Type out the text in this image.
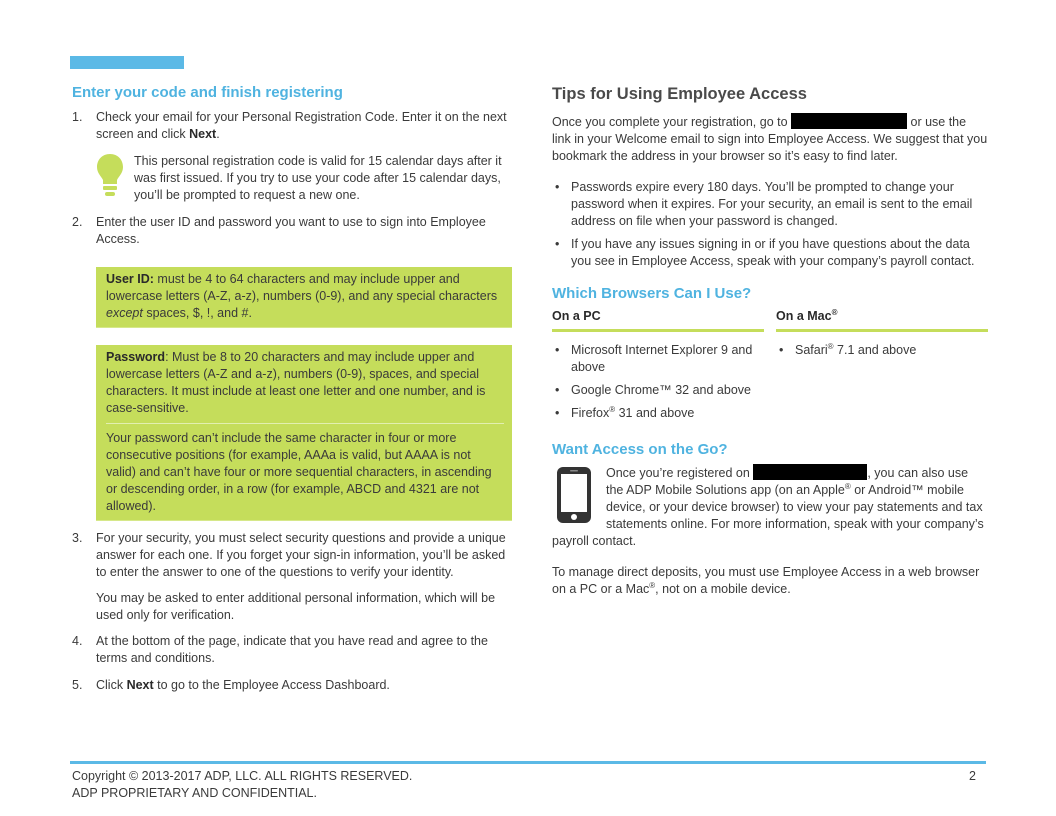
Enter your code and finish registering
1. Check your email for your Personal Registration Code. Enter it on the next screen and click Next.

This personal registration code is valid for 15 calendar days after it was first issued. If you try to use your code after 15 calendar days, you’ll be prompted to request a new one.

2. Enter the user ID and password you want to use to sign into Employee Access.

User ID: must be 4 to 64 characters and may include upper and lowercase letters (A-Z, a-z), numbers (0-9), and any special characters except spaces, $, !, and #.

Password: Must be 8 to 20 characters and may include upper and lowercase letters (A-Z and a-z), numbers (0-9), spaces, and special characters. It must include at least one letter and one number, and is case-sensitive.

Your password can’t include the same character in four or more consecutive positions (for example, AAAa is valid, but AAAA is not valid) and can’t have four or more sequential characters, in ascending or descending order, in a row (for example, ABCD and 4321 are not allowed).

3. For your security, you must select security questions and provide a unique answer for each one. If you forget your sign-in information, you’ll be asked to enter the answer to one of the questions to verify your identity.

You may be asked to enter additional personal information, which will be used only for verification.

4. At the bottom of the page, indicate that you have read and agree to the terms and conditions.

5. Click Next to go to the Employee Access Dashboard.

Tips for Using Employee Access

Once you complete your registration, go to	or use the link in your Welcome email to sign into Employee Access. We suggest that you bookmark the address in your browser so it’s easy to find later.

• Passwords expire every 180 days. You’ll be prompted to change your password when it expires. For your security, an email is sent to the email address on file when your password is changed.
• If you have any issues signing in or if you have questions about the data you see in Employee Access, speak with your company’s payroll contact.
Which Browsers Can I Use?
On a PC
• Microsoft Internet Explorer 9 and above
• Google Chrome™ 32 and above
• Firefox® 31 and above
On a Mac®
• Safari® 7.1 and above
Want Access on the Go?

Once you’re registered on	, you can also use the ADP Mobile Solutions app (on an Apple® or Android™ mobile device, or your device browser) to view your pay statements and tax statements online. For more information, speak with your company’s payroll contact.

To manage direct deposits, you must use Employee Access in a web browser on a PC or a Mac®, not on a mobile device.

Copyright © 2013-2017 ADP, LLC. ALL RIGHTS RESERVED.
ADP PROPRIETARY AND CONFIDENTIAL.
2
